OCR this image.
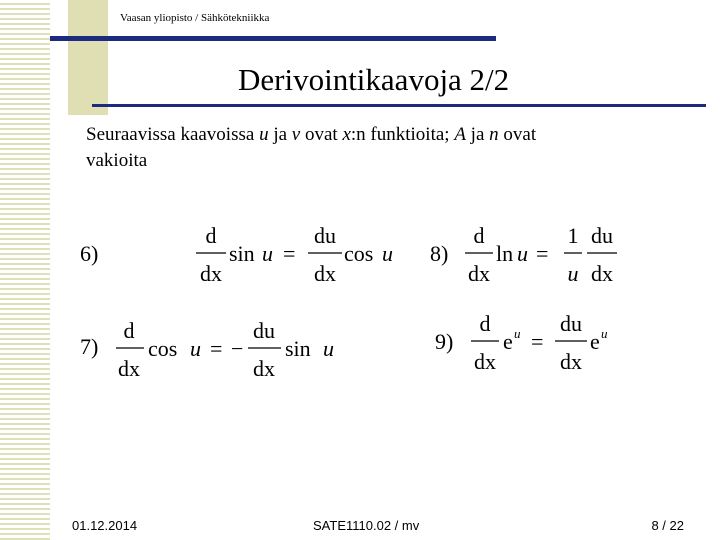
Vaasan yliopisto / Sähkötekniikka
Derivointikaavoja 2/2
Seuraavissa kaavoissa u ja v ovat x:n funktioita; A ja n ovat
vakioita
6)
d
dx
sin u =
du
dx
cos u
7)
d
dx
cos u = −
du
dx
sin u
8)
d
dx
ln u =
1
u
du
dx
9)
d
dx
e u =
du
dx
e u
01.12.2014	SATE1110.02 / mv	8 / 22
